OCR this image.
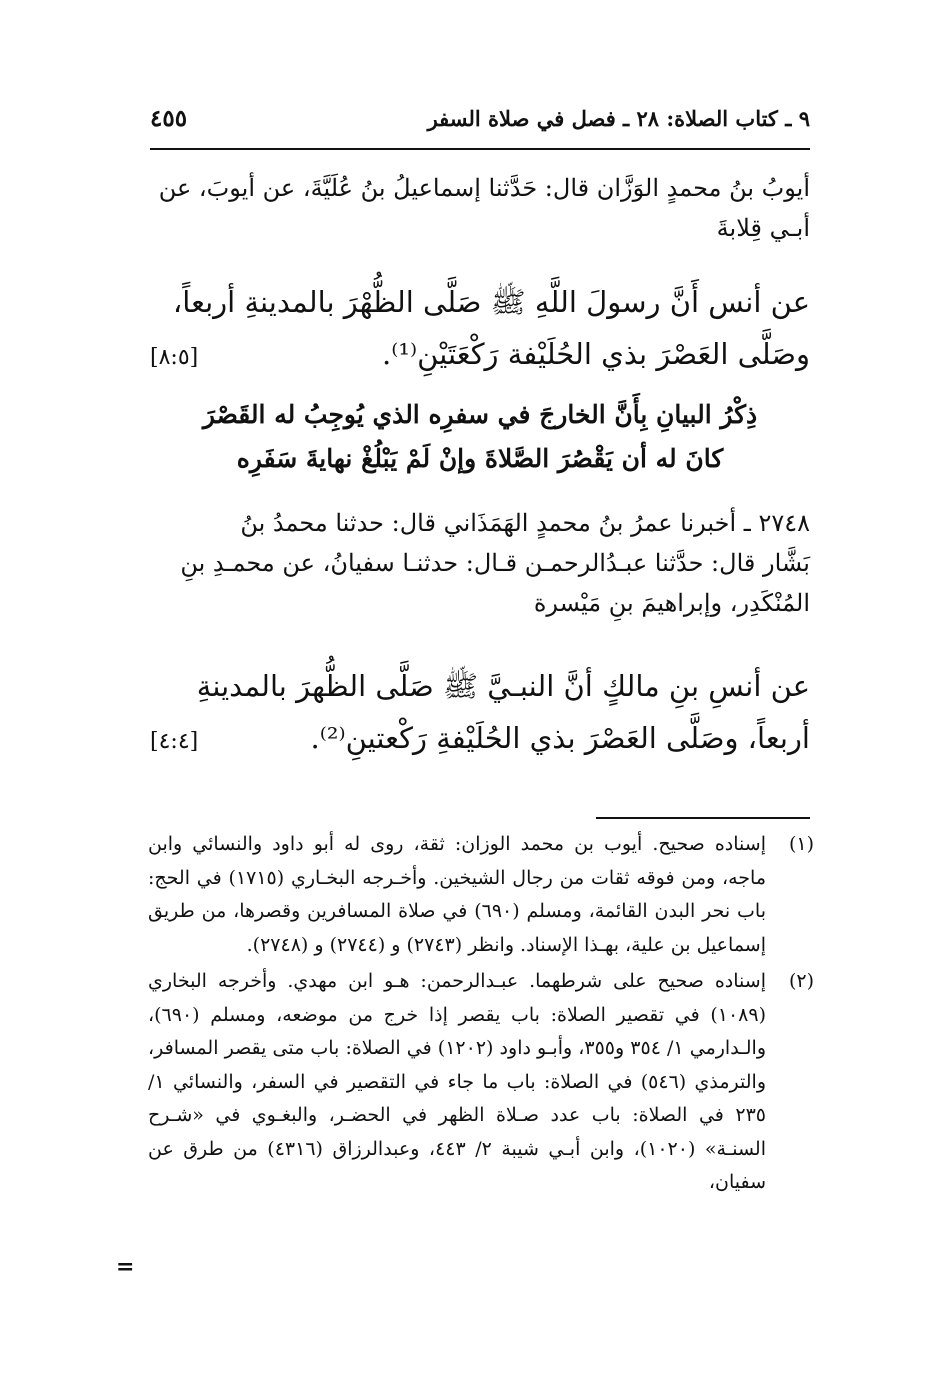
٩ ـ كتاب الصلاة: ٢٨ ـ فصل في صلاة السفر
٤٥٥
أيوبُ بنُ محمدٍ الوَزَّان قال: حَدَّثنا إسماعيلُ بنُ عُلَيَّةَ، عن أيوبَ، عن
أبـي قِلابةَ
عن أنس أَنَّ رسولَ اللَّهِ ﷺ صَلَّى الظُّهْرَ بالمدينةِ أربعاً،
وصَلَّى العَصْرَ بذي الحُلَيْفة رَكْعَتَيْنِ⁽¹⁾.
[٨:٥]
ذِكْرُ البيانِ بِأَنَّ الخارجَ في سفرِه الذي يُوجِبُ له القَصْرَ
كانَ له أن يَقْصُرَ الصَّلاةَ وإنْ لَمْ يَبْلُغْ نهايةَ سَفَرِه
٢٧٤٨ ـ أخبرنا عمرُ بنُ محمدٍ الهَمَذَاني قال: حدثنا محمدُ بنُ
بَشَّار قال: حدَّثنا عبـدُالرحمـن قـال: حدثنـا سفيانُ، عن محمـدِ بنِ
المُنْكَدِر، وإبراهيمَ بنِ مَيْسرة
عن أنسِ بنِ مالكٍ أنَّ النبـيَّ ﷺ صَلَّى الظُّهرَ بالمدينةِ
أربعاً، وصَلَّى العَصْرَ بذي الحُلَيْفةِ رَكْعتينِ⁽²⁾.
[٤:٤]
(١)
إسناده صحيح. أيوب بن محمد الوزان: ثقة، روى له أبو داود والنسائي وابن ماجه، ومن فوقه ثقات من رجال الشيخين. وأخـرجه البخـاري (١٧١٥) في الحج: باب نحر البدن القائمة، ومسلم (٦٩٠) في صلاة المسافرين وقصرها، من طريق إسماعيل بن علية، بهـذا الإسناد. وانظر (٢٧٤٣) و (٢٧٤٤) و (٢٧٤٨).
(٢)
إسناده صحيح على شرطهما. عبـدالرحمن: هـو ابن مهدي. وأخرجه البخاري (١٠٨٩) في تقصير الصلاة: باب يقصر إذا خرج من موضعه، ومسلم (٦٩٠)، والـدارمي ١/ ٣٥٤ و٣٥٥، وأبـو داود (١٢٠٢) في الصلاة: باب متى يقصر المسافر، والترمذي (٥٤٦) في الصلاة: باب ما جاء في التقصير في السفر، والنسائي ١/ ٢٣٥ في الصلاة: باب عدد صـلاة الظهر في الحضـر، والبغـوي في «شـرح السنـة» (١٠٢٠)، وابن أبـي شيبة ٢/ ٤٤٣، وعبدالرزاق (٤٣١٦) من طرق عن سفيان،
=
